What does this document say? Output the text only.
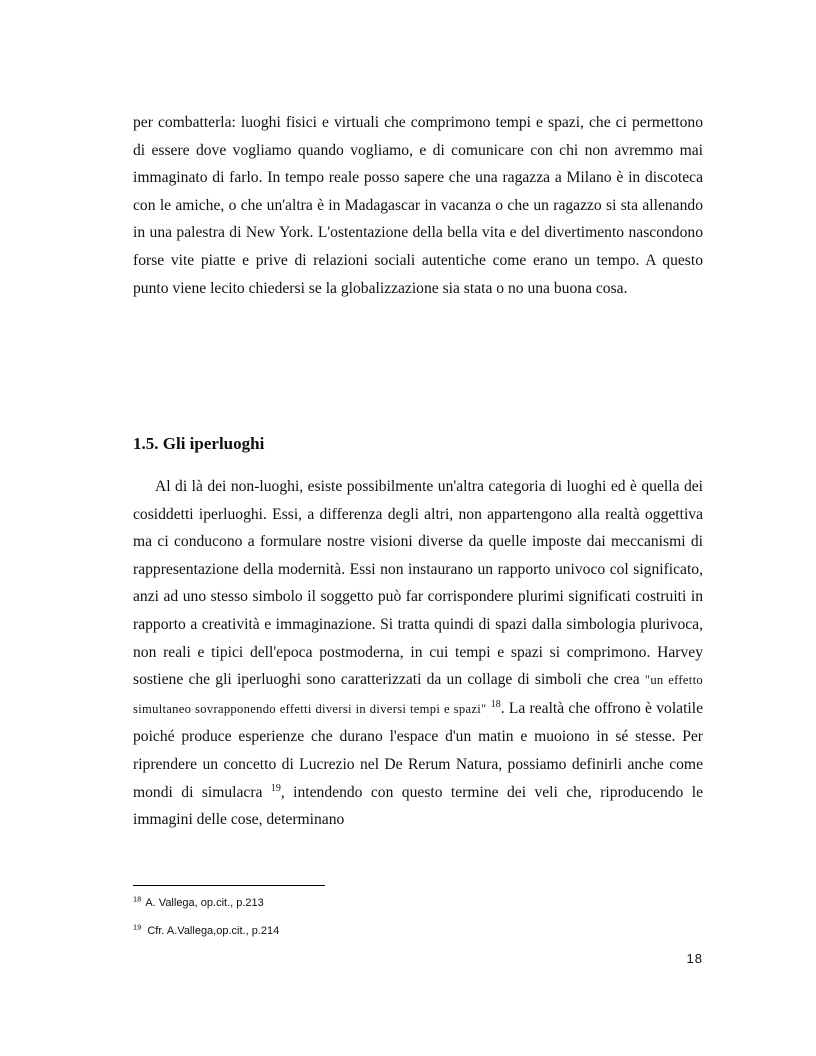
per combatterla: luoghi fisici e virtuali che comprimono tempi e spazi, che ci permettono di essere dove vogliamo quando vogliamo, e di comunicare con chi non avremmo mai immaginato di farlo. In tempo reale posso sapere che una ragazza a Milano è in discoteca con le amiche, o che un'altra è in Madagascar in vacanza o che un ragazzo si sta allenando in una palestra di New York. L'ostentazione della bella vita e del divertimento nascondono forse vite piatte e prive di relazioni sociali autentiche come erano un tempo. A questo punto viene lecito chiedersi se la globalizzazione sia stata o no una buona cosa.

1.5. Gli iperluoghi

Al di là dei non-luoghi, esiste possibilmente un'altra categoria di luoghi ed è quella dei cosiddetti iperluoghi. Essi, a differenza degli altri, non appartengono alla realtà oggettiva ma ci conducono a formulare nostre visioni diverse da quelle imposte dai meccanismi di rappresentazione della modernità. Essi non instaurano un rapporto univoco col significato, anzi ad uno stesso simbolo il soggetto può far corrispondere plurimi significati costruiti in rapporto a creatività e immaginazione. Si tratta quindi di spazi dalla simbologia plurivoca, non reali e tipici dell'epoca postmoderna, in cui tempi e spazi si comprimono. Harvey sostiene che gli iperluoghi sono caratterizzati da un collage di simboli che crea "un effetto simultaneo sovrapponendo effetti diversi in diversi tempi e spazi" $^{18}$. La realtà che offrono è volatile poiché produce esperienze che durano l'espace d'un matin e muoiono in sé stesse. Per riprendere un concetto di Lucrezio nel De Rerum Natura, possiamo definirli anche come mondi di simulacra $^{19}$, intendendo con questo termine dei veli che, riproducendo le immagini delle cose, determinano

$^{18}$ A. Vallega, op.cit., p.213
$^{19}$ Cfr. A.Vallega,op.cit., p.214
18
